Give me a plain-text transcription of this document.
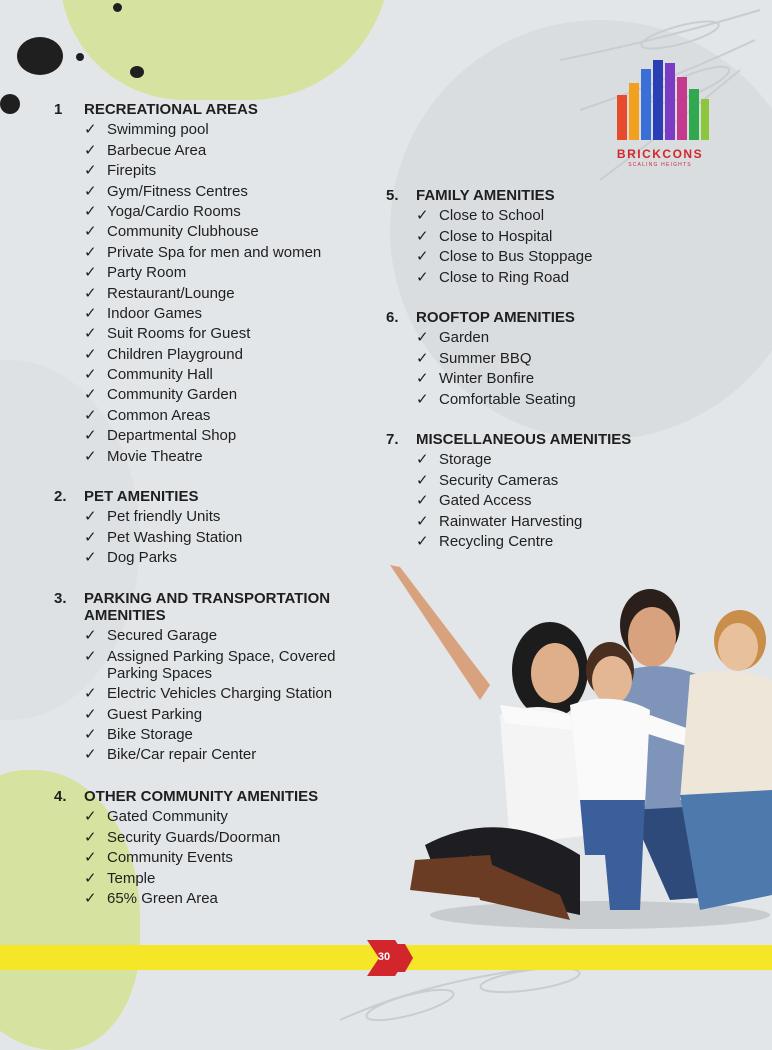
BRICKCONS
SCALING HEIGHTS
1	RECREATIONAL AREAS
✓ Swimming pool
✓ Barbecue Area
✓ Firepits
✓ Gym/Fitness Centres
✓ Yoga/Cardio Rooms
✓ Community Clubhouse
✓ Private Spa for men and women
✓ Party Room
✓ Restaurant/Lounge
✓ Indoor Games
✓ Suit Rooms for Guest
✓ Children Playground
✓ Community Hall
✓ Community Garden
✓ Common Areas
✓ Departmental Shop
✓ Movie Theatre
2.	PET AMENITIES
✓ Pet friendly Units
✓ Pet Washing Station
✓ Dog Parks
3.	PARKING AND TRANSPORTATION AMENITIES
✓ Secured Garage
✓ Assigned Parking Space, Covered Parking Spaces
✓ Electric Vehicles Charging Station
✓ Guest Parking
✓ Bike Storage
✓ Bike/Car repair Center
4.	OTHER COMMUNITY AMENITIES
✓ Gated Community
✓ Security Guards/Doorman
✓ Community Events
✓ Temple
✓ 65% Green Area
5.	FAMILY AMENITIES
✓ Close to School
✓ Close to Hospital
✓ Close to Bus Stoppage
✓ Close to Ring Road
6.	ROOFTOP AMENITIES
✓ Garden
✓ Summer BBQ
✓ Winter Bonfire
✓ Comfortable Seating
7.	MISCELLANEOUS AMENITIES
✓ Storage
✓ Security Cameras
✓ Gated Access
✓ Rainwater Harvesting
✓ Recycling Centre
30
